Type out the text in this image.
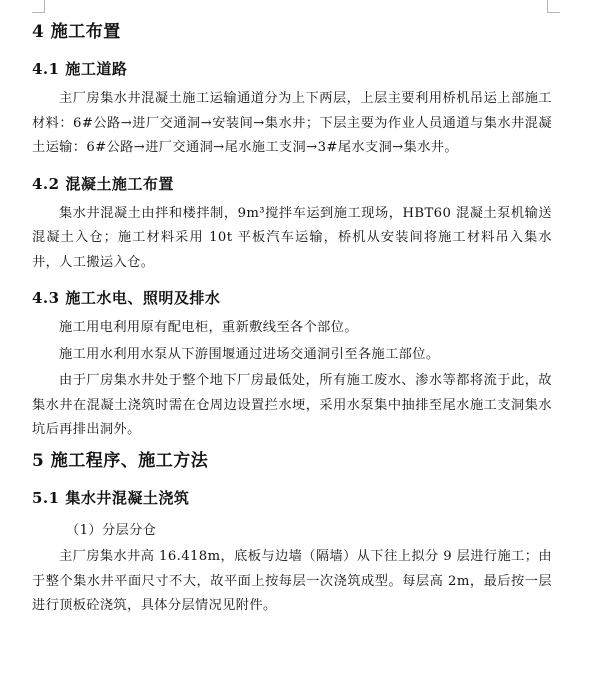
4 施工布置
4.1 施工道路

主厂房集水井混凝土施工运输通道分为上下两层，上层主要利用桥机吊运上部施工材料：6#公路→进厂交通洞→安装间→集水井；下层主要为作业人员通道与集水井混凝土运输：6#公路→进厂交通洞→尾水施工支洞→3#尾水支洞→集水井。

4.2 混凝土施工布置

集水井混凝土由拌和楼拌制，9m³搅拌车运到施工现场，HBT60 混凝土泵机输送混凝土入仓；施工材料采用 10t 平板汽车运输，桥机从安装间将施工材料吊入集水井，人工搬运入仓。

4.3 施工水电、照明及排水

施工用电利用原有配电柜，重新敷线至各个部位。

施工用水利用水泵从下游围堰通过进场交通洞引至各施工部位。

由于厂房集水井处于整个地下厂房最低处，所有施工废水、渗水等都将流于此，故集水井在混凝土浇筑时需在仓周边设置拦水埂，采用水泵集中抽排至尾水施工支洞集水坑后再排出洞外。

5 施工程序、施工方法
5.1 集水井混凝土浇筑

（1）分层分仓

主厂房集水井高 16.418m，底板与边墙（隔墙）从下往上拟分 9 层进行施工；由于整个集水井平面尺寸不大，故平面上按每层一次浇筑成型。每层高 2m，最后按一层进行顶板砼浇筑，具体分层情况见附件。
